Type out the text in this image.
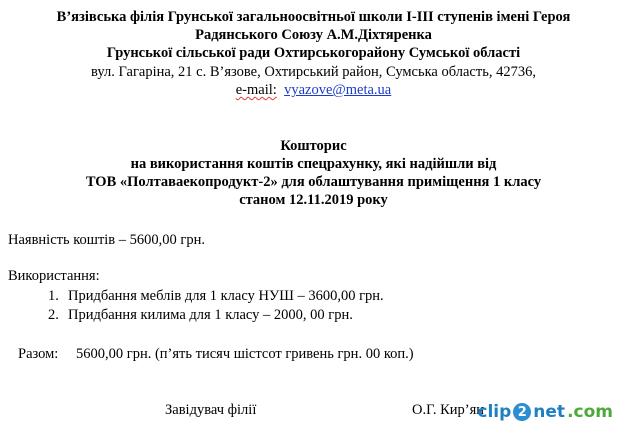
В’язівська філія Грунської загальноосвітньої школи І-ІІІ ступенів імені Героя
Радянського Союзу А.М.Діхтяренка
Грунської сільської ради Охтирськогорайону Сумської області
вул. Гагаріна, 21 с. В’язове, Охтирський район, Сумська область, 42736,
e-mail: vyazove@meta.ua
Кошторис
на використання коштів спецрахунку, які надійшли від
ТОВ «Полтаваекопродукт-2» для облаштування приміщення 1 класу
станом 12.11.2019 року
Наявність коштів – 5600,00 грн.
Використання:
1. Придбання меблів для 1 класу НУШ – 3600,00 грн.
2. Придбання килима для 1 класу – 2000, 00 грн.
Разом: 5600,00 грн. (п’ять тисяч шістсот гривень грн. 00 коп.)
Завідувач філії	О.Г. Кир’ян
clip 2 net .com
